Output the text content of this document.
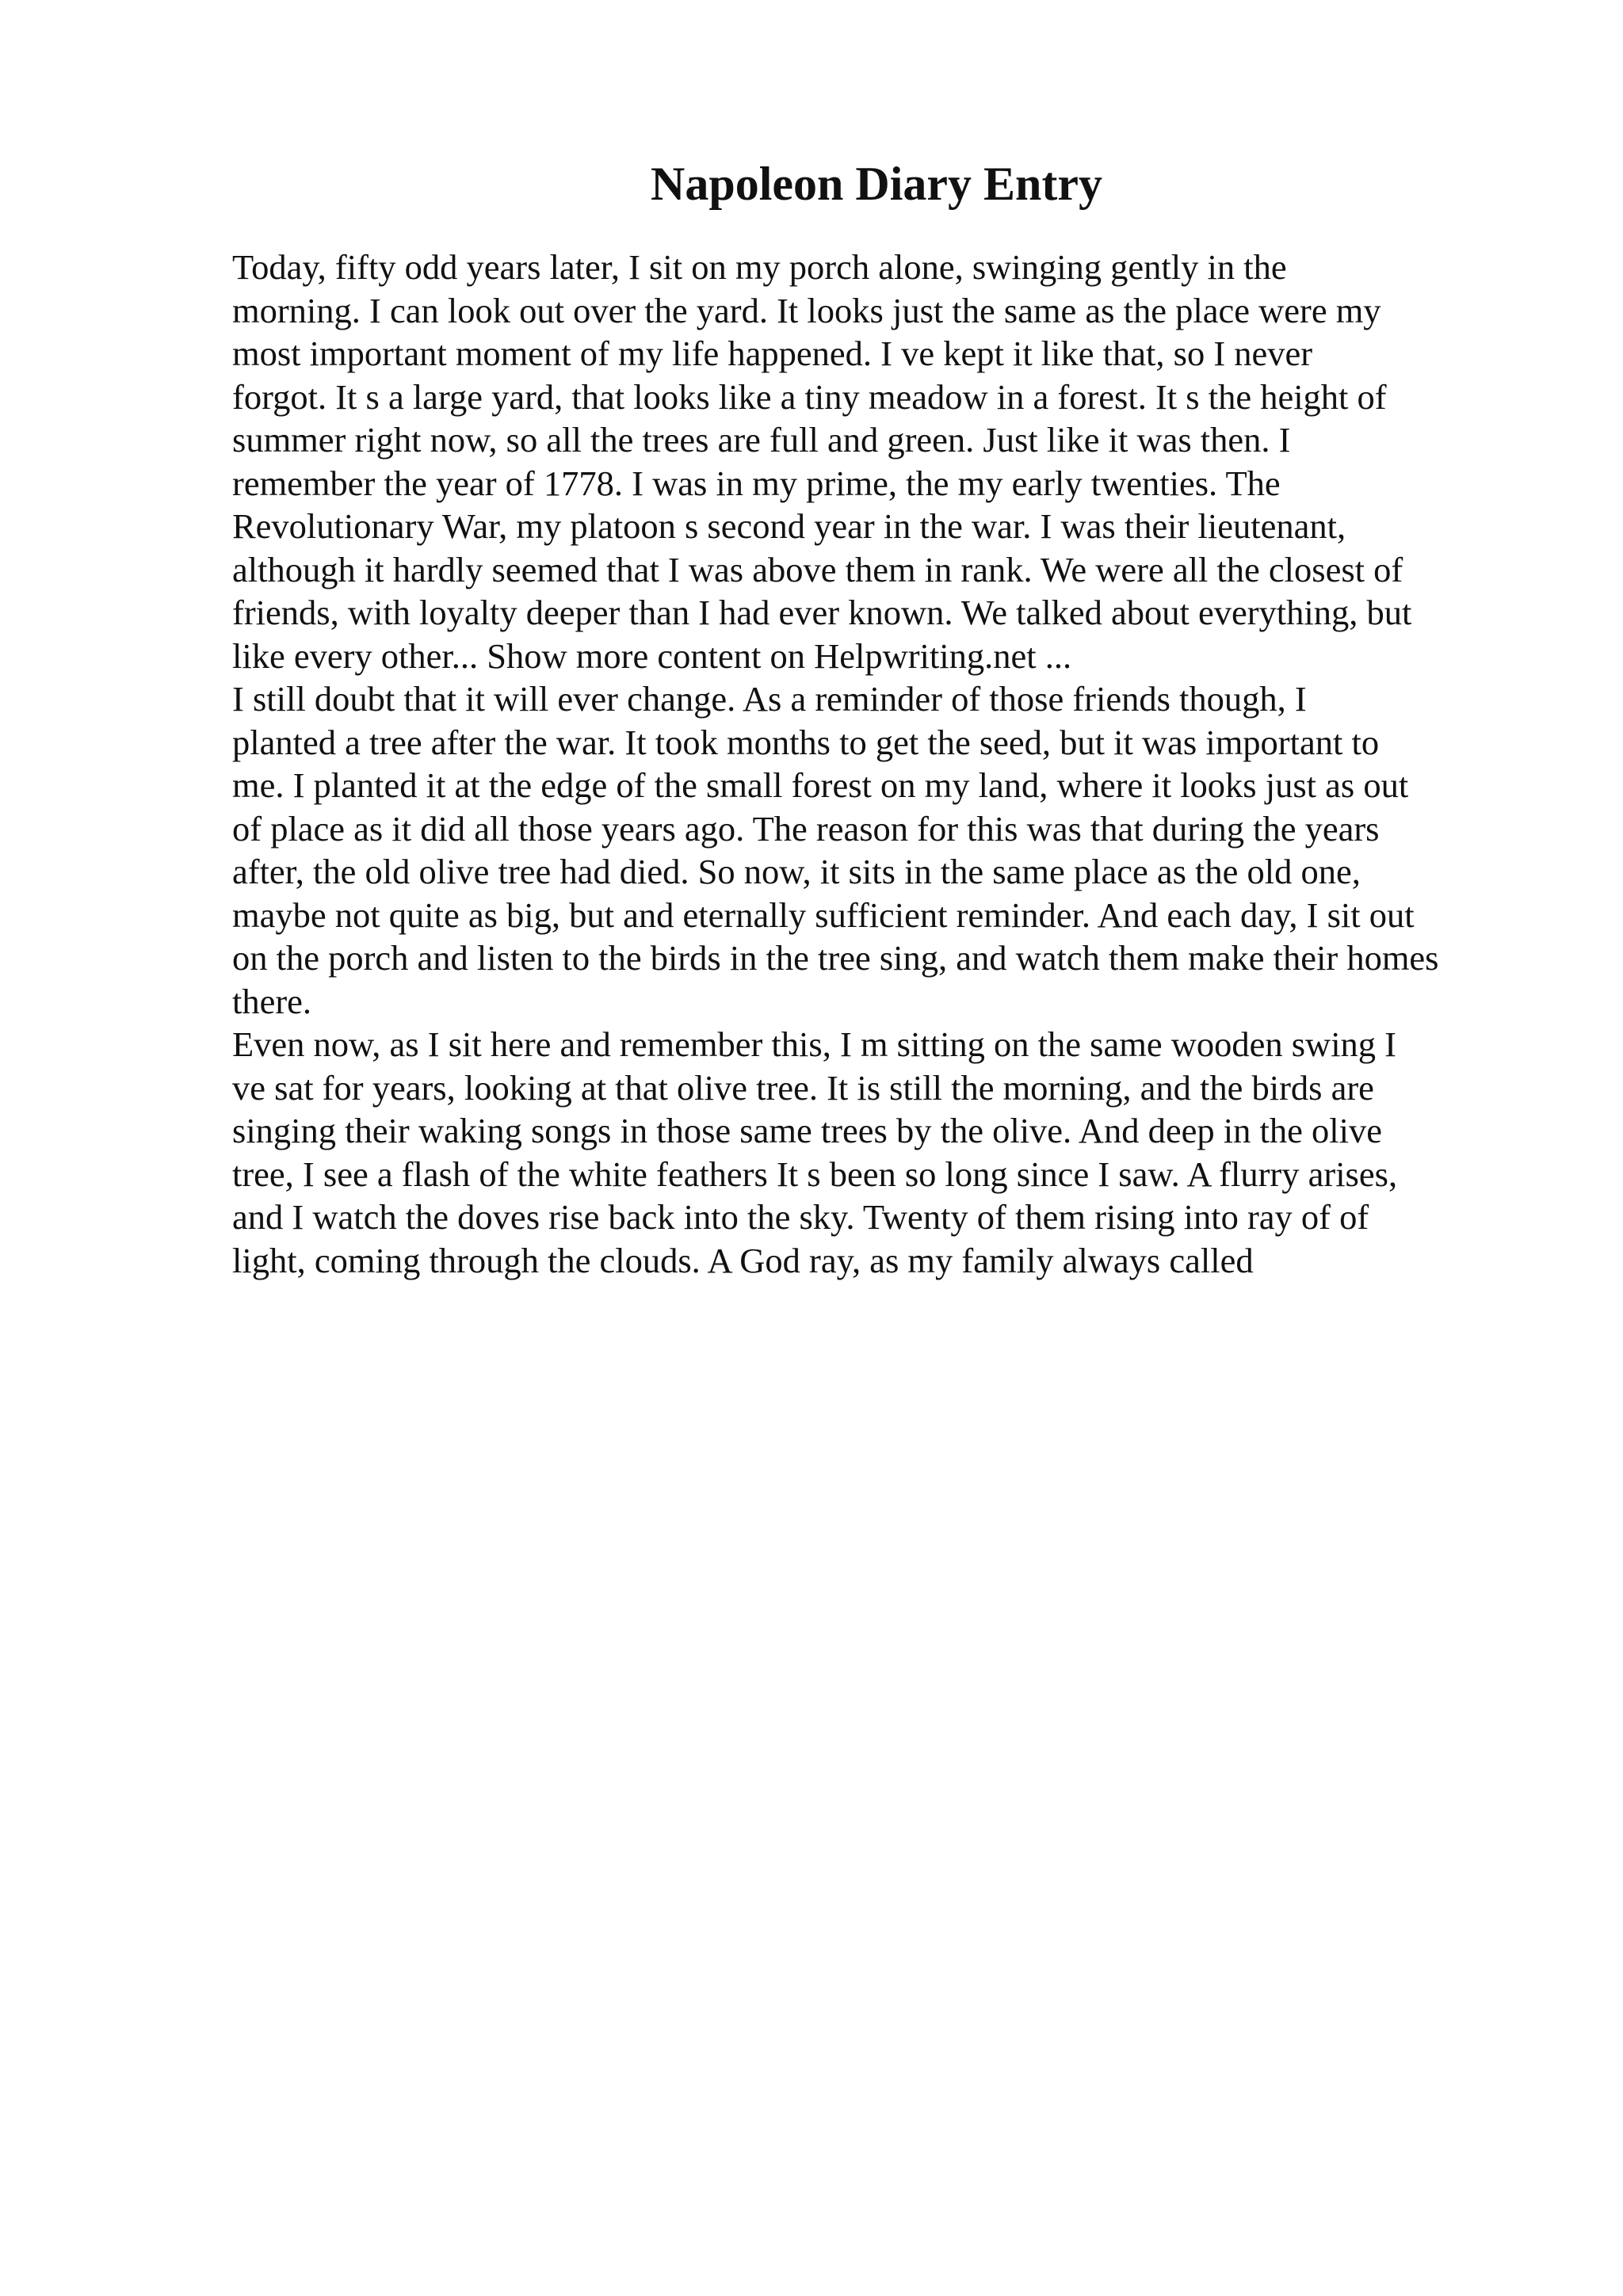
Napoleon Diary Entry

Today, fifty odd years later, I sit on my porch alone, swinging gently in the
morning. I can look out over the yard. It looks just the same as the place were my
most important moment of my life happened. I ve kept it like that, so I never
forgot. It s a large yard, that looks like a tiny meadow in a forest. It s the height of
summer right now, so all the trees are full and green. Just like it was then. I
remember the year of 1778. I was in my prime, the my early twenties. The
Revolutionary War, my platoon s second year in the war. I was their lieutenant,
although it hardly seemed that I was above them in rank. We were all the closest of
friends, with loyalty deeper than I had ever known. We talked about everything, but
like every other... Show more content on Helpwriting.net ...

I still doubt that it will ever change. As a reminder of those friends though, I
planted a tree after the war. It took months to get the seed, but it was important to
me. I planted it at the edge of the small forest on my land, where it looks just as out
of place as it did all those years ago. The reason for this was that during the years
after, the old olive tree had died. So now, it sits in the same place as the old one,
maybe not quite as big, but and eternally sufficient reminder. And each day, I sit out
on the porch and listen to the birds in the tree sing, and watch them make their homes
there.

Even now, as I sit here and remember this, I m sitting on the same wooden swing I
ve sat for years, looking at that olive tree. It is still the morning, and the birds are
singing their waking songs in those same trees by the olive. And deep in the olive
tree, I see a flash of the white feathers It s been so long since I saw. A flurry arises,
and I watch the doves rise back into the sky. Twenty of them rising into ray of of
light, coming through the clouds. A God ray, as my family always called
